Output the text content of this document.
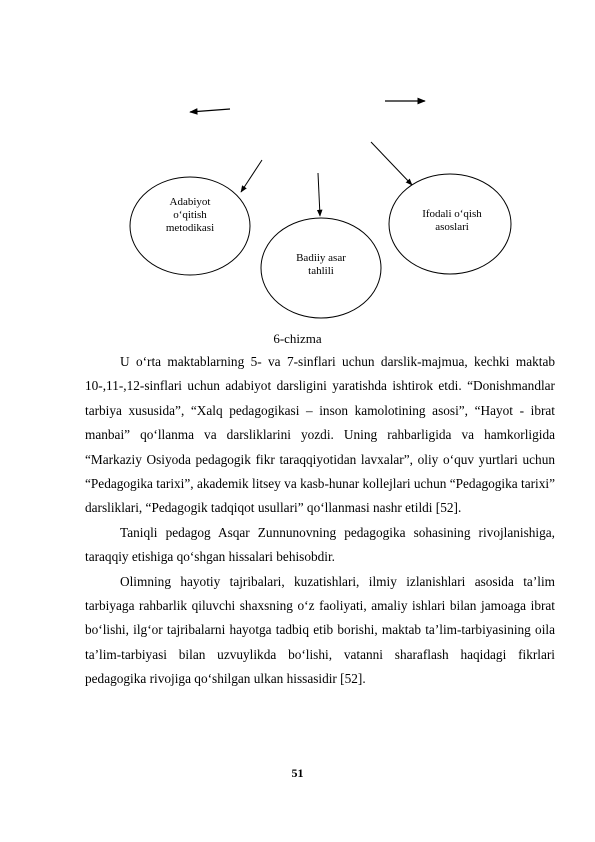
Adabiyot
o‘qitish
metodikasi
Badiiy asar
tahlili
Ifodali o‘qish
asoslari
6-chizma

U o‘rta maktablarning 5- va 7-sinflari uchun darslik-majmua, kechki maktab 10-,11-,12-sinflari uchun adabiyot darsligini yaratishda ishtirok etdi. “Donishmandlar tarbiya xususida”, “Xalq pedagogikasi – inson kamolotining asosi”, “Hayot - ibrat manbai” qo‘llanma va darsliklarini yozdi. Uning rahbarligida va hamkorligida “Markaziy Osiyoda pedagogik fikr taraqqiyotidan lavxalar”, oliy o‘quv yurtlari uchun “Pedagogika tarixi”, akademik litsey va kasb-hunar kollejlari uchun “Pedagogika tarixi” darsliklari, “Pedagogik tadqiqot usullari” qo‘llanmasi nashr etildi [52].

Taniqli pedagog Asqar Zunnunovning pedagogika sohasining rivojlanishiga, taraqqiy etishiga qo‘shgan hissalari behisobdir.

Olimning hayotiy tajribalari, kuzatishlari, ilmiy izlanishlari asosida ta’lim tarbiyaga rahbarlik qiluvchi shaxsning o‘z faoliyati, amaliy ishlari bilan jamoaga ibrat bo‘lishi, ilg‘or tajribalarni hayotga tadbiq etib borishi, maktab ta’lim-tarbiyasining oila ta’lim-tarbiyasi bilan uzvuylikda bo‘lishi, vatanni sharaflash haqidagi fikrlari pedagogika rivojiga qo‘shilgan ulkan hissasidir [52].

51
